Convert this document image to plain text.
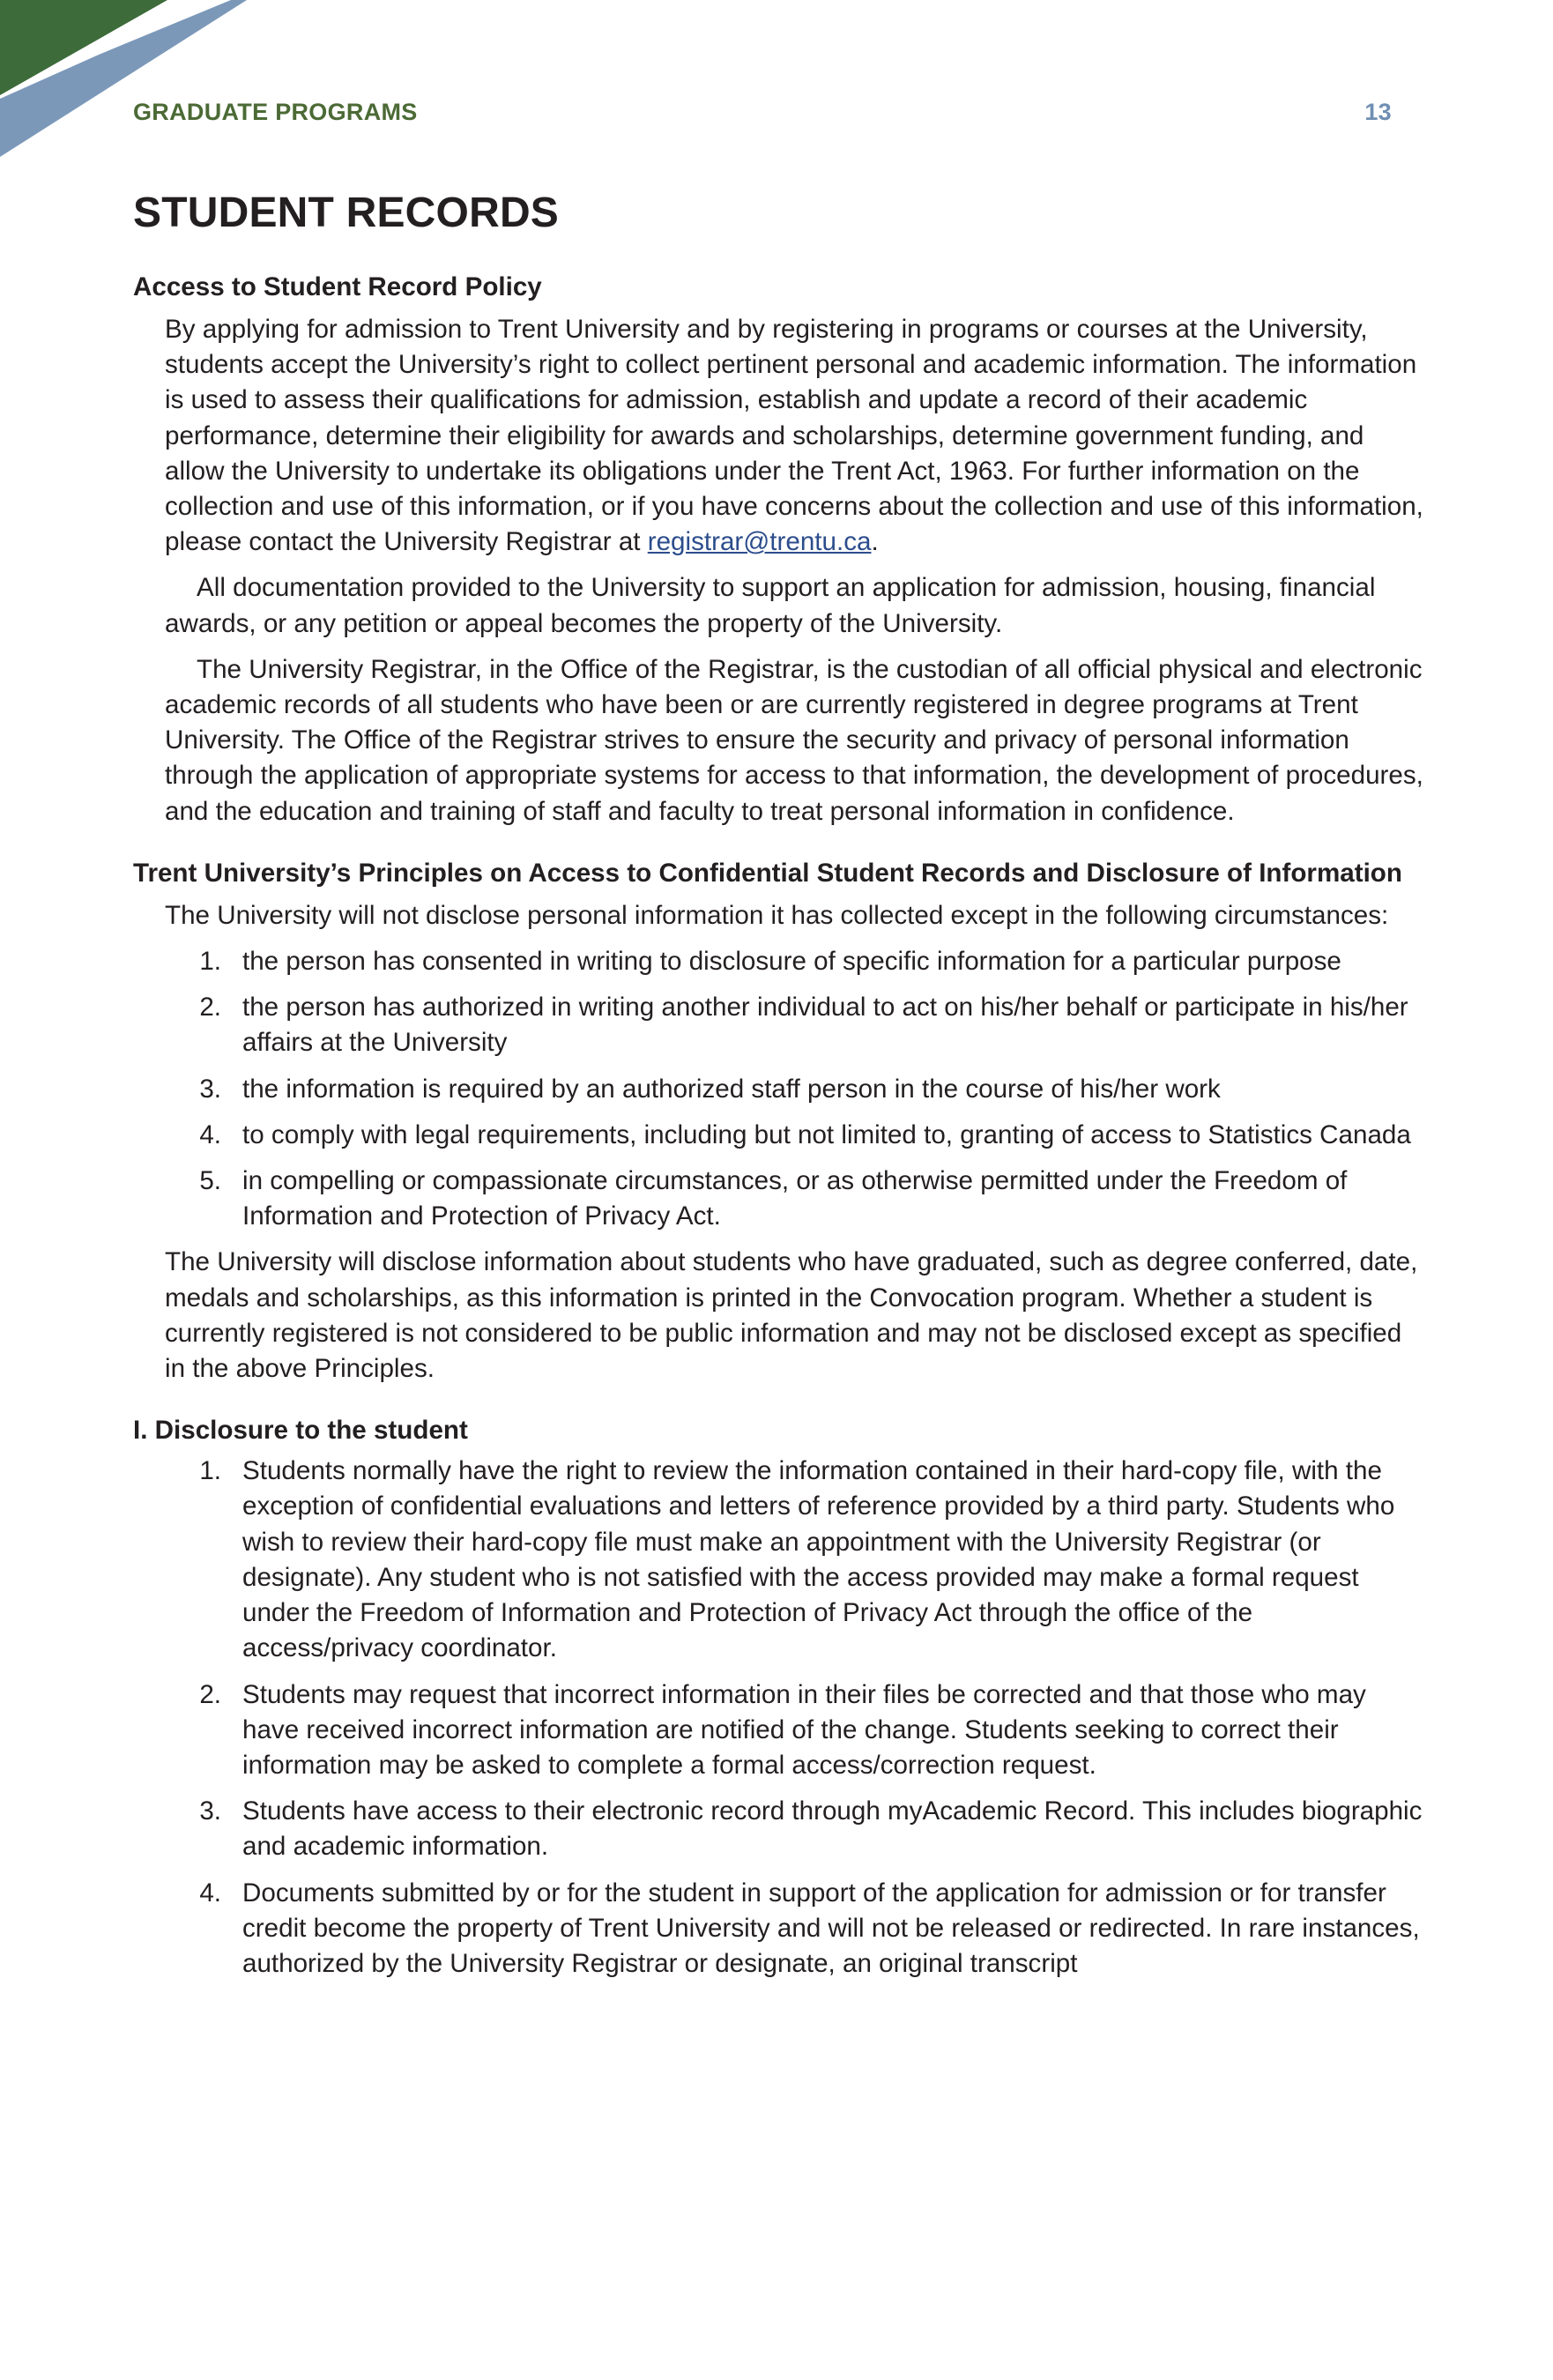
GRADUATE PROGRAMS	13
STUDENT RECORDS
Access to Student Record Policy

By applying for admission to Trent University and by registering in programs or courses at the University, students accept the University’s right to collect pertinent personal and academic information. The information is used to assess their qualifications for admission, establish and update a record of their academic performance, determine their eligibility for awards and scholarships, determine government funding, and allow the University to undertake its obligations under the Trent Act, 1963. For further information on the collection and use of this information, or if you have concerns about the collection and use of this information, please contact the University Registrar at registrar@trentu.ca.

All documentation provided to the University to support an application for admission, housing, financial awards, or any petition or appeal becomes the property of the University.

The University Registrar, in the Office of the Registrar, is the custodian of all official physical and electronic academic records of all students who have been or are currently registered in degree programs at Trent University. The Office of the Registrar strives to ensure the security and privacy of personal information through the application of appropriate systems for access to that information, the development of procedures, and the education and training of staff and faculty to treat personal information in confidence.

Trent University’s Principles on Access to Confidential Student Records and Disclosure of Information

The University will not disclose personal information it has collected except in the following circumstances:

1. the person has consented in writing to disclosure of specific information for a particular purpose
2. the person has authorized in writing another individual to act on his/her behalf or participate in his/her affairs at the University
3. the information is required by an authorized staff person in the course of his/her work
4. to comply with legal requirements, including but not limited to, granting of access to Statistics Canada
5. in compelling or compassionate circumstances, or as otherwise permitted under the Freedom of Information and Protection of Privacy Act.

The University will disclose information about students who have graduated, such as degree conferred, date, medals and scholarships, as this information is printed in the Convocation program. Whether a student is currently registered is not considered to be public information and may not be disclosed except as specified in the above Principles.

I. Disclosure to the student
1. Students normally have the right to review the information contained in their hard-copy file, with the exception of confidential evaluations and letters of reference provided by a third party. Students who wish to review their hard-copy file must make an appointment with the University Registrar (or designate). Any student who is not satisfied with the access provided may make a formal request under the Freedom of Information and Protection of Privacy Act through the office of the access/privacy coordinator.
2. Students may request that incorrect information in their files be corrected and that those who may have received incorrect information are notified of the change. Students seeking to correct their information may be asked to complete a formal access/correction request.
3. Students have access to their electronic record through myAcademic Record. This includes biographic and academic information.
4. Documents submitted by or for the student in support of the application for admission or for transfer credit become the property of Trent University and will not be released or redirected. In rare instances, authorized by the University Registrar or designate, an original transcript
